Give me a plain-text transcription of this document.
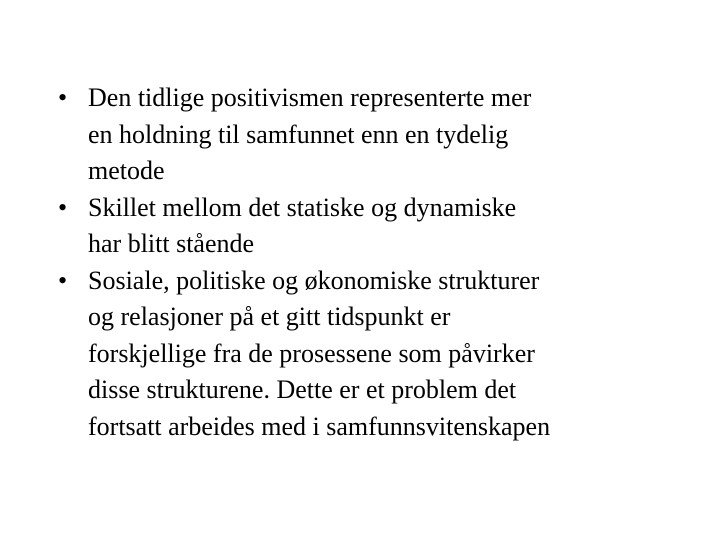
• Den tidlige positivismen representerte mer
en holdning til samfunnet enn en tydelig
metode
• Skillet mellom det statiske og dynamiske
har blitt stående
• Sosiale, politiske og økonomiske strukturer
og relasjoner på et gitt tidspunkt er
forskjellige fra de prosessene som påvirker
disse strukturene. Dette er et problem det
fortsatt arbeides med i samfunnsvitenskapen
